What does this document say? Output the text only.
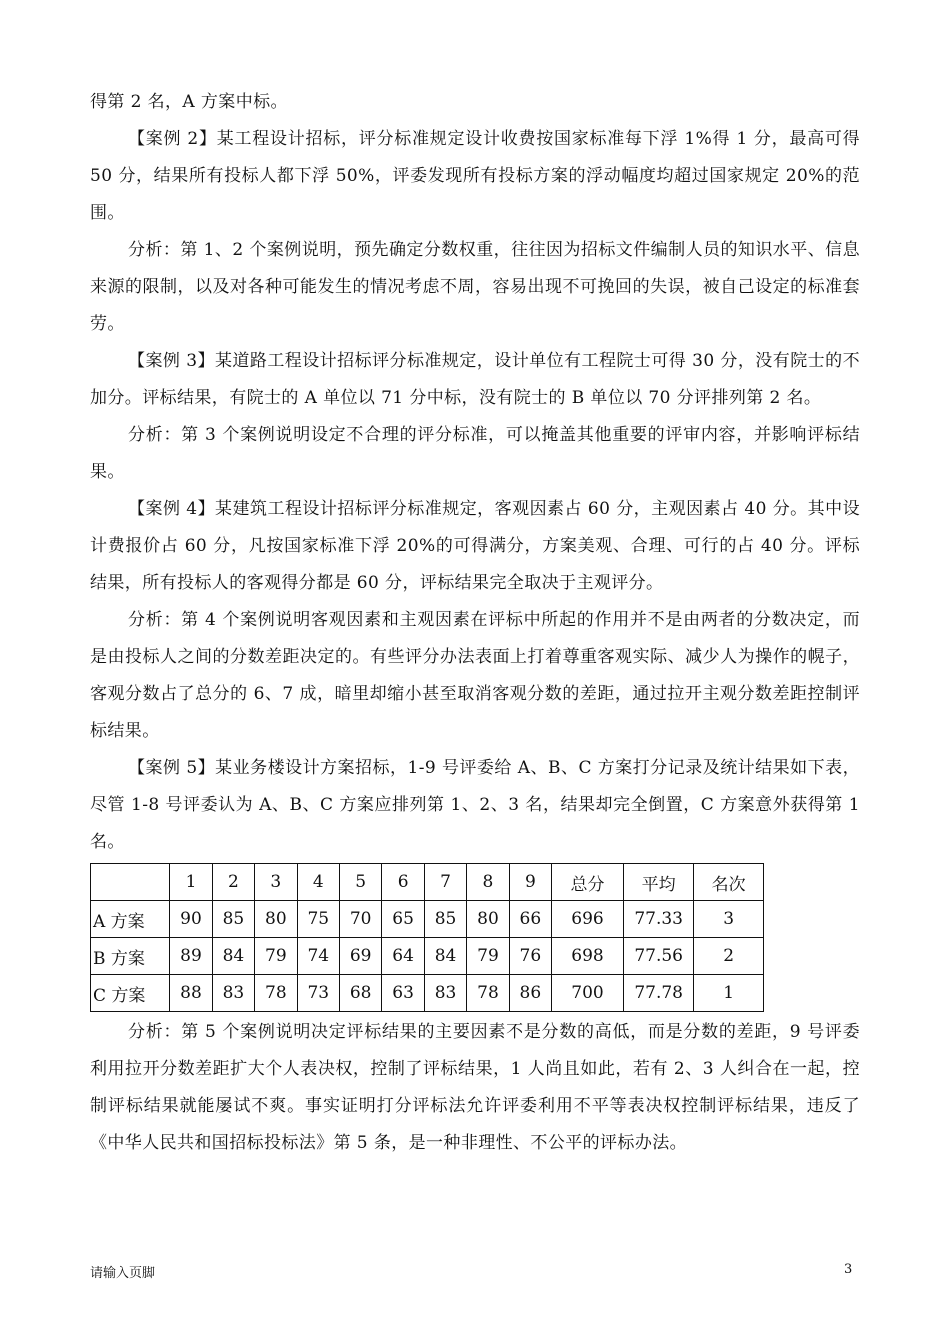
得第 2 名，A 方案中标。

【案例 2】某工程设计招标，评分标准规定设计收费按国家标准每下浮 1%得 1 分，最高可得 50 分，结果所有投标人都下浮 50%，评委发现所有投标方案的浮动幅度均超过国家规定 20%的范围。

分析：第 1、2 个案例说明，预先确定分数权重，往往因为招标文件编制人员的知识水平、信息来源的限制，以及对各种可能发生的情况考虑不周，容易出现不可挽回的失误，被自己设定的标准套劳。

【案例 3】某道路工程设计招标评分标准规定，设计单位有工程院士可得 30 分，没有院士的不加分。评标结果，有院士的 A 单位以 71 分中标，没有院士的 B 单位以 70 分评排列第 2 名。

分析：第 3 个案例说明设定不合理的评分标准，可以掩盖其他重要的评审内容，并影响评标结果。

【案例 4】某建筑工程设计招标评分标准规定，客观因素占 60 分，主观因素占 40 分。其中设计费报价占 60 分，凡按国家标准下浮 20%的可得满分，方案美观、合理、可行的占 40 分。评标结果，所有投标人的客观得分都是 60 分，评标结果完全取决于主观评分。

分析：第 4 个案例说明客观因素和主观因素在评标中所起的作用并不是由两者的分数决定，而是由投标人之间的分数差距决定的。有些评分办法表面上打着尊重客观实际、减少人为操作的幌子，客观分数占了总分的 6、7 成，暗里却缩小甚至取消客观分数的差距，通过拉开主观分数差距控制评标结果。

【案例 5】某业务楼设计方案招标，1-9 号评委给 A、B、C 方案打分记录及统计结果如下表，尽管 1-8 号评委认为 A、B、C 方案应排列第 1、2、3 名，结果却完全倒置，C 方案意外获得第 1 名。

	1	2	3	4	5	6	7	8	9	总分	平均	名次
A 方案	90	85	80	75	70	65	85	80	66	696	77.33	3
B 方案	89	84	79	74	69	64	84	79	76	698	77.56	2
C 方案	88	83	78	73	68	63	83	78	86	700	77.78	1

分析：第 5 个案例说明决定评标结果的主要因素不是分数的高低，而是分数的差距，9 号评委利用拉开分数差距扩大个人表决权，控制了评标结果，1 人尚且如此，若有 2、3 人纠合在一起，控制评标结果就能屡试不爽。事实证明打分评标法允许评委利用不平等表决权控制评标结果，违反了《中华人民共和国招标投标法》第 5 条，是一种非理性、不公平的评标办法。

请输入页脚	3
